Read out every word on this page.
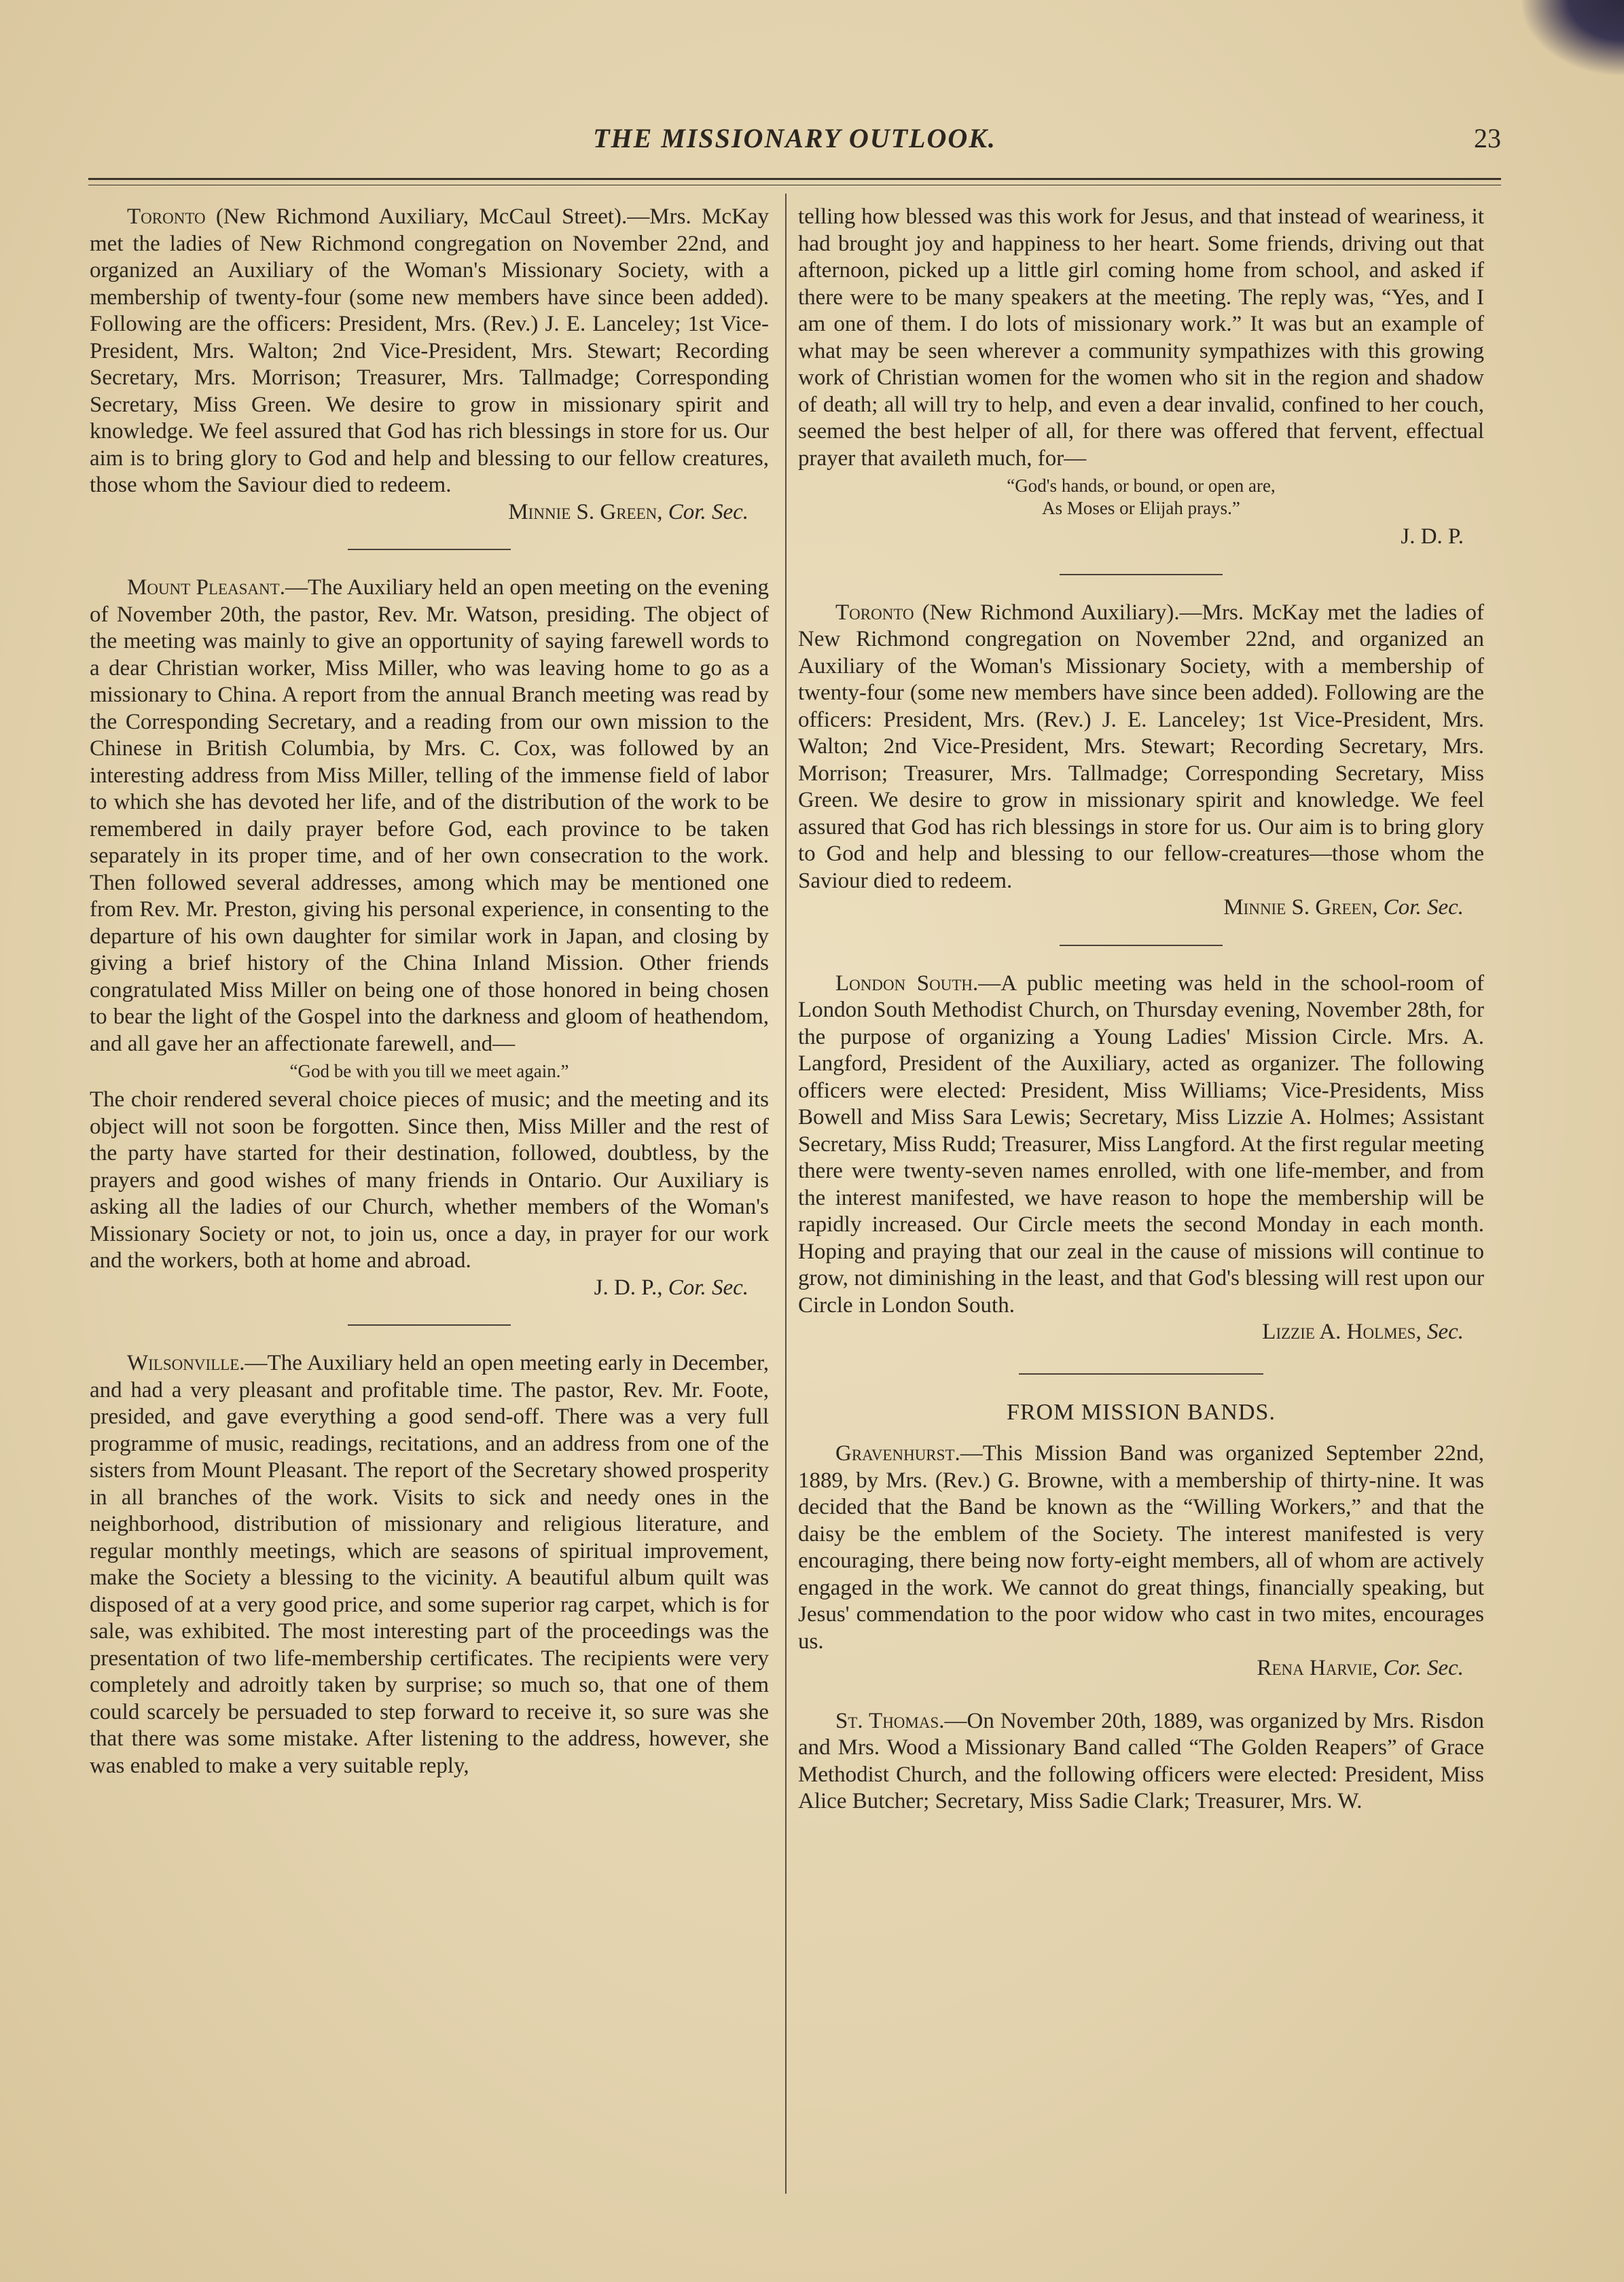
THE MISSIONARY OUTLOOK.	23

Toronto (New Richmond Auxiliary, McCaul Street).—Mrs. McKay met the ladies of New Richmond congregation on November 22nd, and organized an Auxiliary of the Woman's Missionary Society, with a membership of twenty-four (some new members have since been added). Following are the officers: President, Mrs. (Rev.) J. E. Lanceley; 1st Vice-President, Mrs. Walton; 2nd Vice-President, Mrs. Stewart; Recording Secretary, Mrs. Morrison; Treasurer, Mrs. Tallmadge; Corresponding Secretary, Miss Green. We desire to grow in missionary spirit and knowledge. We feel assured that God has rich blessings in store for us. Our aim is to bring glory to God and help and blessing to our fellow creatures, those whom the Saviour died to redeem.

Minnie S. Green, Cor. Sec.

Mount Pleasant.—The Auxiliary held an open meeting on the evening of November 20th, the pastor, Rev. Mr. Watson, presiding. The object of the meeting was mainly to give an opportunity of saying farewell words to a dear Christian worker, Miss Miller, who was leaving home to go as a missionary to China. A report from the annual Branch meeting was read by the Corresponding Secretary, and a reading from our own mission to the Chinese in British Columbia, by Mrs. C. Cox, was followed by an interesting address from Miss Miller, telling of the immense field of labor to which she has devoted her life, and of the distribution of the work to be remembered in daily prayer before God, each province to be taken separately in its proper time, and of her own consecration to the work. Then followed several addresses, among which may be mentioned one from Rev. Mr. Preston, giving his personal experience, in consenting to the departure of his own daughter for similar work in Japan, and closing by giving a brief history of the China Inland Mission. Other friends congratulated Miss Miller on being one of those honored in being chosen to bear the light of the Gospel into the darkness and gloom of heathendom, and all gave her an affectionate farewell, and—

“God be with you till we meet again.”

The choir rendered several choice pieces of music; and the meeting and its object will not soon be forgotten. Since then, Miss Miller and the rest of the party have started for their destination, followed, doubtless, by the prayers and good wishes of many friends in Ontario. Our Auxiliary is asking all the ladies of our Church, whether members of the Woman's Missionary Society or not, to join us, once a day, in prayer for our work and the workers, both at home and abroad.

J. D. P., Cor. Sec.

Wilsonville.—The Auxiliary held an open meeting early in December, and had a very pleasant and profitable time. The pastor, Rev. Mr. Foote, presided, and gave everything a good send-off. There was a very full programme of music, readings, recitations, and an address from one of the sisters from Mount Pleasant. The report of the Secretary showed prosperity in all branches of the work. Visits to sick and needy ones in the neighborhood, distribution of missionary and religious literature, and regular monthly meetings, which are seasons of spiritual improvement, make the Society a blessing to the vicinity. A beautiful album quilt was disposed of at a very good price, and some superior rag carpet, which is for sale, was exhibited. The most interesting part of the proceedings was the presentation of two life-membership certificates. The recipients were very completely and adroitly taken by surprise; so much so, that one of them could scarcely be persuaded to step forward to receive it, so sure was she that there was some mistake. After listening to the address, however, she was enabled to make a very suitable reply,

telling how blessed was this work for Jesus, and that instead of weariness, it had brought joy and happiness to her heart. Some friends, driving out that afternoon, picked up a little girl coming home from school, and asked if there were to be many speakers at the meeting. The reply was, “Yes, and I am one of them. I do lots of missionary work.” It was but an example of what may be seen wherever a community sympathizes with this growing work of Christian women for the women who sit in the region and shadow of death; all will try to help, and even a dear invalid, confined to her couch, seemed the best helper of all, for there was offered that fervent, effectual prayer that availeth much, for—

“God's hands, or bound, or open are,
As Moses or Elijah prays.”

J. D. P.

Toronto (New Richmond Auxiliary).—Mrs. McKay met the ladies of New Richmond congregation on November 22nd, and organized an Auxiliary of the Woman's Missionary Society, with a membership of twenty-four (some new members have since been added). Following are the officers: President, Mrs. (Rev.) J. E. Lanceley; 1st Vice-President, Mrs. Walton; 2nd Vice-President, Mrs. Stewart; Recording Secretary, Mrs. Morrison; Treasurer, Mrs. Tallmadge; Corresponding Secretary, Miss Green. We desire to grow in missionary spirit and knowledge. We feel assured that God has rich blessings in store for us. Our aim is to bring glory to God and help and blessing to our fellow-creatures—those whom the Saviour died to redeem.

Minnie S. Green, Cor. Sec.

London South.—A public meeting was held in the school-room of London South Methodist Church, on Thursday evening, November 28th, for the purpose of organizing a Young Ladies' Mission Circle. Mrs. A. Langford, President of the Auxiliary, acted as organizer. The following officers were elected: President, Miss Williams; Vice-Presidents, Miss Bowell and Miss Sara Lewis; Secretary, Miss Lizzie A. Holmes; Assistant Secretary, Miss Rudd; Treasurer, Miss Langford. At the first regular meeting there were twenty-seven names enrolled, with one life-member, and from the interest manifested, we have reason to hope the membership will be rapidly increased. Our Circle meets the second Monday in each month. Hoping and praying that our zeal in the cause of missions will continue to grow, not diminishing in the least, and that God's blessing will rest upon our Circle in London South.

Lizzie A. Holmes, Sec.

FROM MISSION BANDS.

Gravenhurst.—This Mission Band was organized September 22nd, 1889, by Mrs. (Rev.) G. Browne, with a membership of thirty-nine. It was decided that the Band be known as the “Willing Workers,” and that the daisy be the emblem of the Society. The interest manifested is very encouraging, there being now forty-eight members, all of whom are actively engaged in the work. We cannot do great things, financially speaking, but Jesus' commendation to the poor widow who cast in two mites, encourages us.

Rena Harvie, Cor. Sec.

St. Thomas.—On November 20th, 1889, was organized by Mrs. Risdon and Mrs. Wood a Missionary Band called “The Golden Reapers” of Grace Methodist Church, and the following officers were elected: President, Miss Alice Butcher; Secretary, Miss Sadie Clark; Treasurer, Mrs. W.
